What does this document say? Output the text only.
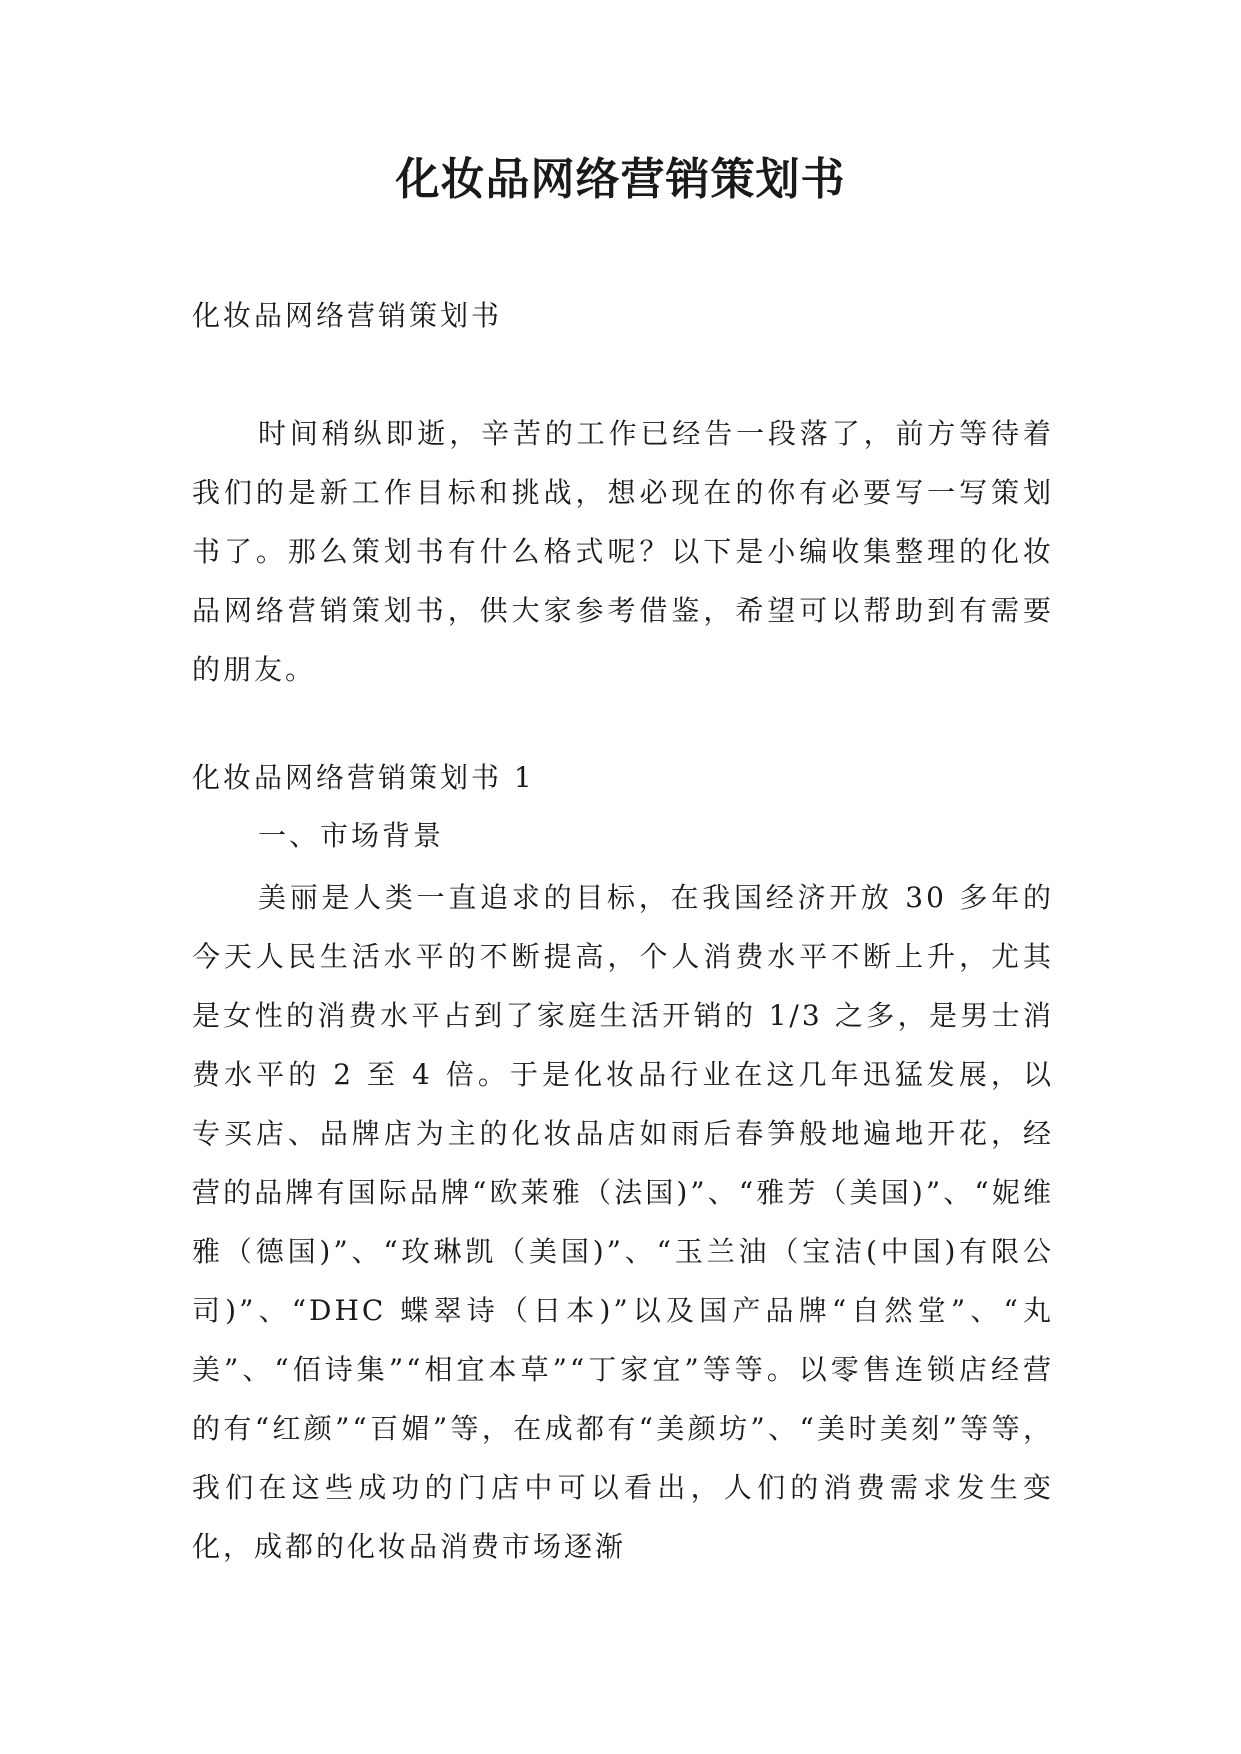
化妆品网络营销策划书

化妆品网络营销策划书

时间稍纵即逝，辛苦的工作已经告一段落了，前方等待着我们的是新工作目标和挑战，想必现在的你有必要写一写策划书了。那么策划书有什么格式呢？以下是小编收集整理的化妆品网络营销策划书，供大家参考借鉴，希望可以帮助到有需要的朋友。

化妆品网络营销策划书 1

一、市场背景

美丽是人类一直追求的目标，在我国经济开放 30 多年的今天人民生活水平的不断提高，个人消费水平不断上升，尤其是女性的消费水平占到了家庭生活开销的 1/3 之多，是男士消费水平的 2 至 4 倍。于是化妆品行业在这几年迅猛发展，以专买店、品牌店为主的化妆品店如雨后春笋般地遍地开花，经营的品牌有国际品牌“欧莱雅（法国)”、“雅芳（美国)”、“妮维雅（德国)”、“玫琳凯（美国)”、“玉兰油（宝洁(中国)有限公司)”、“DHC 蝶翠诗（日本)”以及国产品牌“自然堂”、“丸美”、“佰诗集”“相宜本草”“丁家宜”等等。以零售连锁店经营的有“红颜”“百媚”等，在成都有“美颜坊”、“美时美刻”等等，我们在这些成功的门店中可以看出，人们的消费需求发生变化，成都的化妆品消费市场逐渐
